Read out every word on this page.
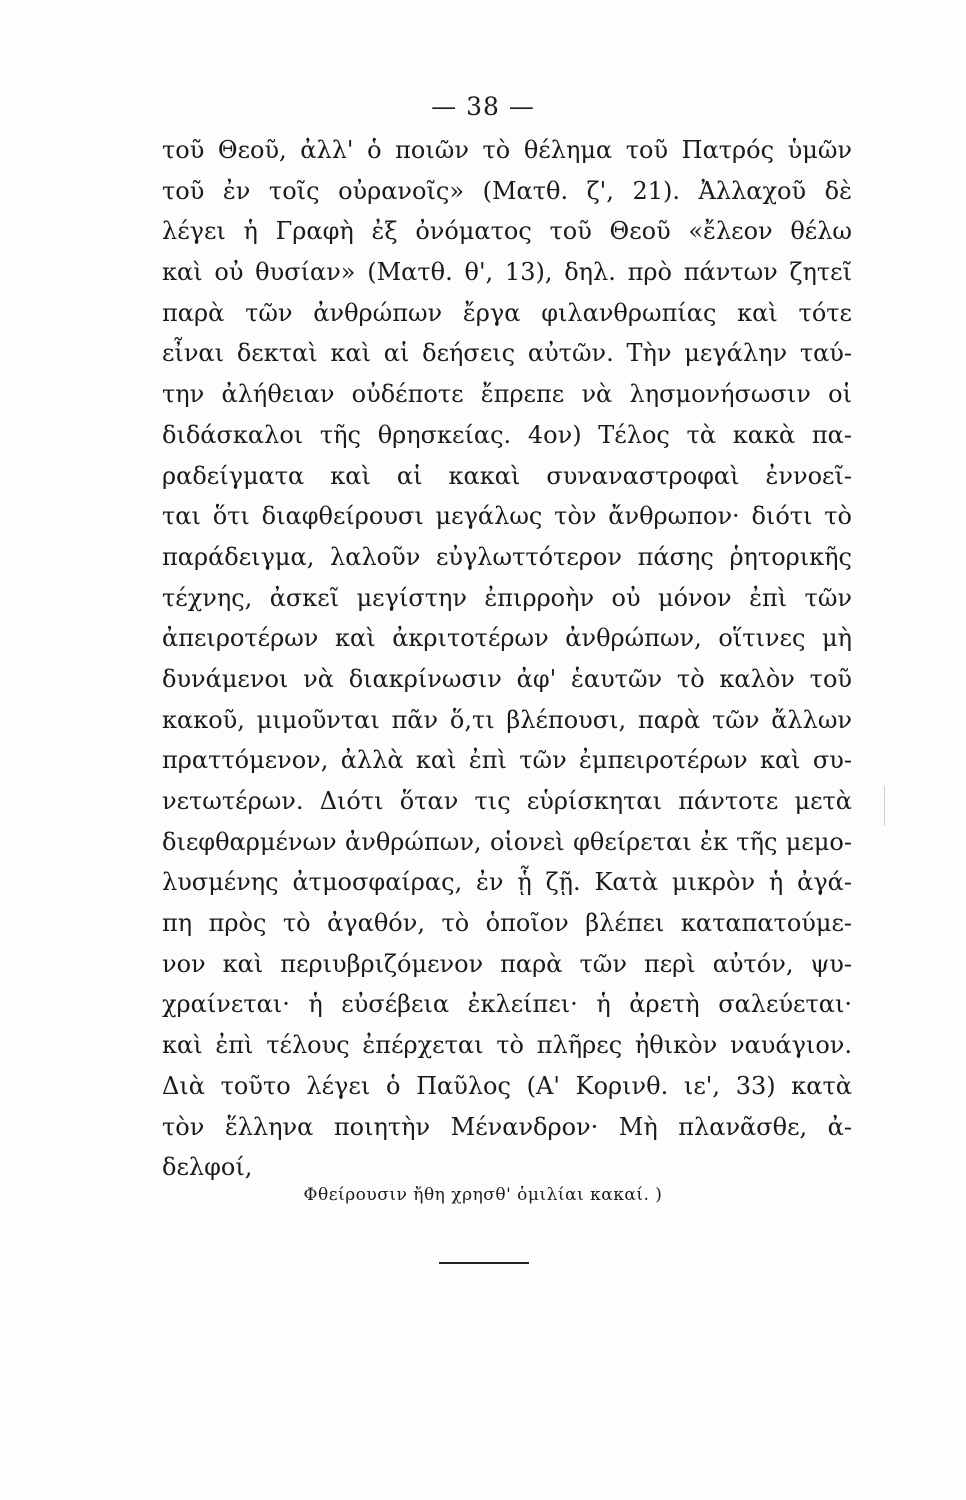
— 38 —
τοῦ Θεοῦ, ἀλλ' ὁ ποιῶν τὸ θέλημα τοῦ Πατρός ὑμῶν
τοῦ ἐν τοῖς οὐρανοῖς» (Ματθ. ζ', 21). Ἀλλαχοῦ δὲ
λέγει ἡ Γραφὴ ἐξ ὀνόματος τοῦ Θεοῦ «ἔλεον θέλω
καὶ οὐ θυσίαν» (Ματθ. θ', 13), δηλ. πρὸ πάντων ζητεῖ
παρὰ τῶν ἀνθρώπων ἔργα φιλανθρωπίας καὶ τότε
εἶναι δεκταὶ καὶ αἱ δεήσεις αὐτῶν. Τὴν μεγάλην ταύ-
την ἀλήθειαν οὐδέποτε ἔπρεπε νὰ λησμονήσωσιν οἱ
διδάσκαλοι τῆς θρησκείας. 4ον) Τέλος τὰ κακὰ πα-
ραδείγματα καὶ αἱ κακαὶ συναναστροφαὶ ἐννοεῖ-
ται ὅτι διαφθείρουσι μεγάλως τὸν ἄνθρωπον· διότι τὸ
παράδειγμα, λαλοῦν εὐγλωττότερον πάσης ῥητορικῆς
τέχνης, ἀσκεῖ μεγίστην ἐπιρροὴν οὐ μόνον ἐπὶ τῶν
ἀπειροτέρων καὶ ἀκριτοτέρων ἀνθρώπων, οἵτινες μὴ
δυνάμενοι νὰ διακρίνωσιν ἀφ' ἑαυτῶν τὸ καλὸν τοῦ
κακοῦ, μιμοῦνται πᾶν ὅ,τι βλέπουσι, παρὰ τῶν ἄλλων
πραττόμενον, ἀλλὰ καὶ ἐπὶ τῶν ἐμπειροτέρων καὶ συ-
νετωτέρων. Διότι ὅταν τις εὑρίσκηται πάντοτε μετὰ
διεφθαρμένων ἀνθρώπων, οἱονεὶ φθείρεται ἐκ τῆς μεμο-
λυσμένης ἀτμοσφαίρας, ἐν ᾗ ζῇ. Κατὰ μικρὸν ἡ ἀγά-
πη πρὸς τὸ ἀγαθόν, τὸ ὁποῖον βλέπει καταπατούμε-
νον καὶ περιυβριζόμενον παρὰ τῶν περὶ αὐτόν, ψυ-
χραίνεται· ἡ εὐσέβεια ἐκλείπει· ἡ ἀρετὴ σαλεύεται·
καὶ ἐπὶ τέλους ἐπέρχεται τὸ πλῆρες ἠθικὸν ναυάγιον.
Διὰ τοῦτο λέγει ὁ Παῦλος (Α' Κορινθ. ιε', 33) κατὰ
τὸν ἕλληνα ποιητὴν Μένανδρον· Μὴ πλανᾶσθε, ἀ-
δελφοί,
Φθείρουσιν ἤθη χρησθ' ὁμιλίαι κακαί. )
